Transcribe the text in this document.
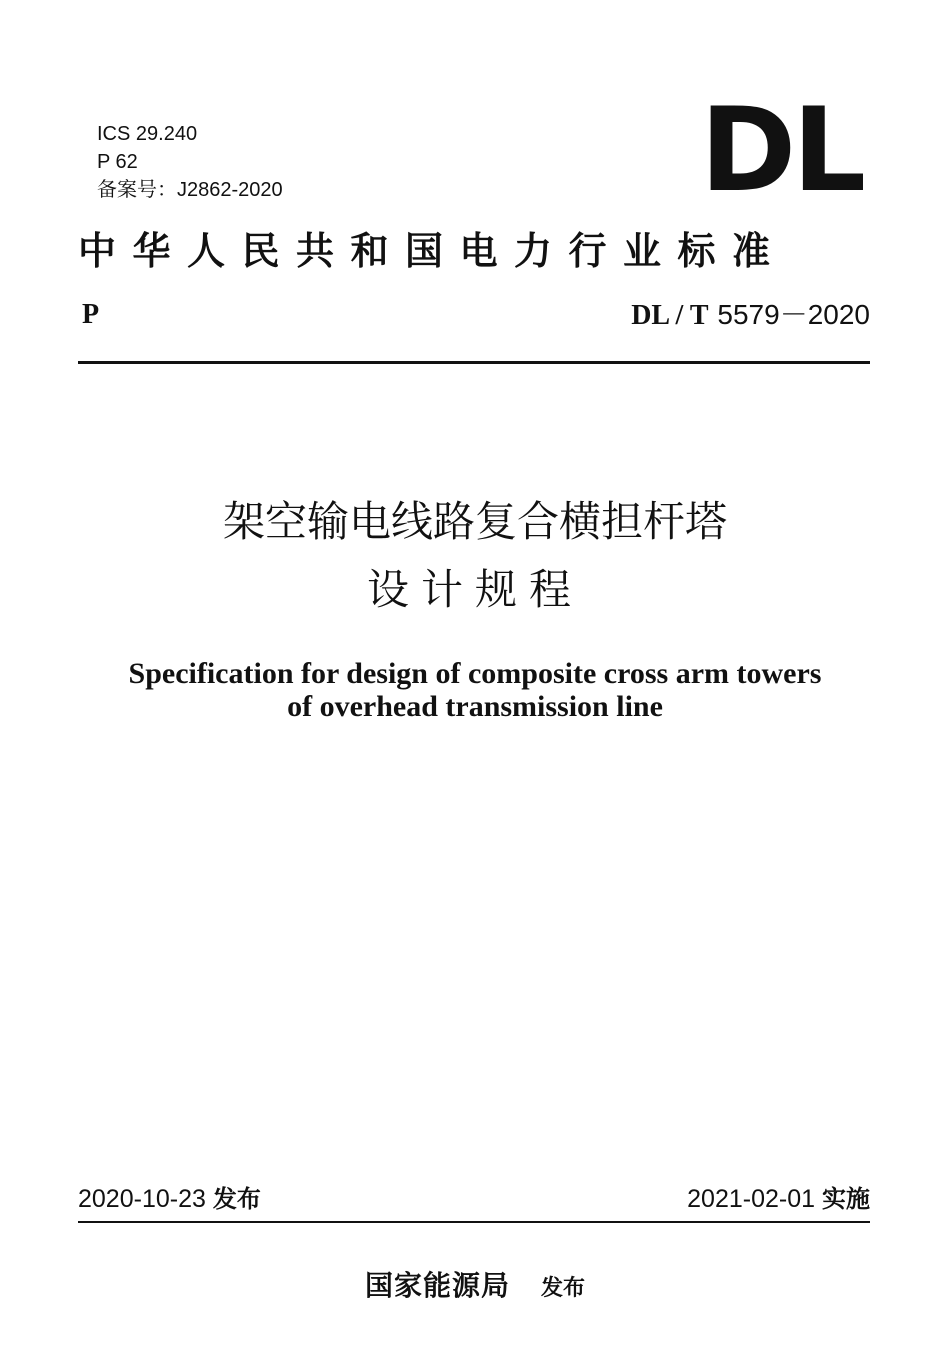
ICS 29.240
P 62
备案号：J2862-2020	DL
中华人民共和国电力行业标准
P	DL / T 5579－2020
架空输电线路复合横担杆塔
设计规程
Specification for design of composite cross arm towers
of overhead transmission line
2020-10-23 发布	2021-02-01 实施
国家能源局 发布
